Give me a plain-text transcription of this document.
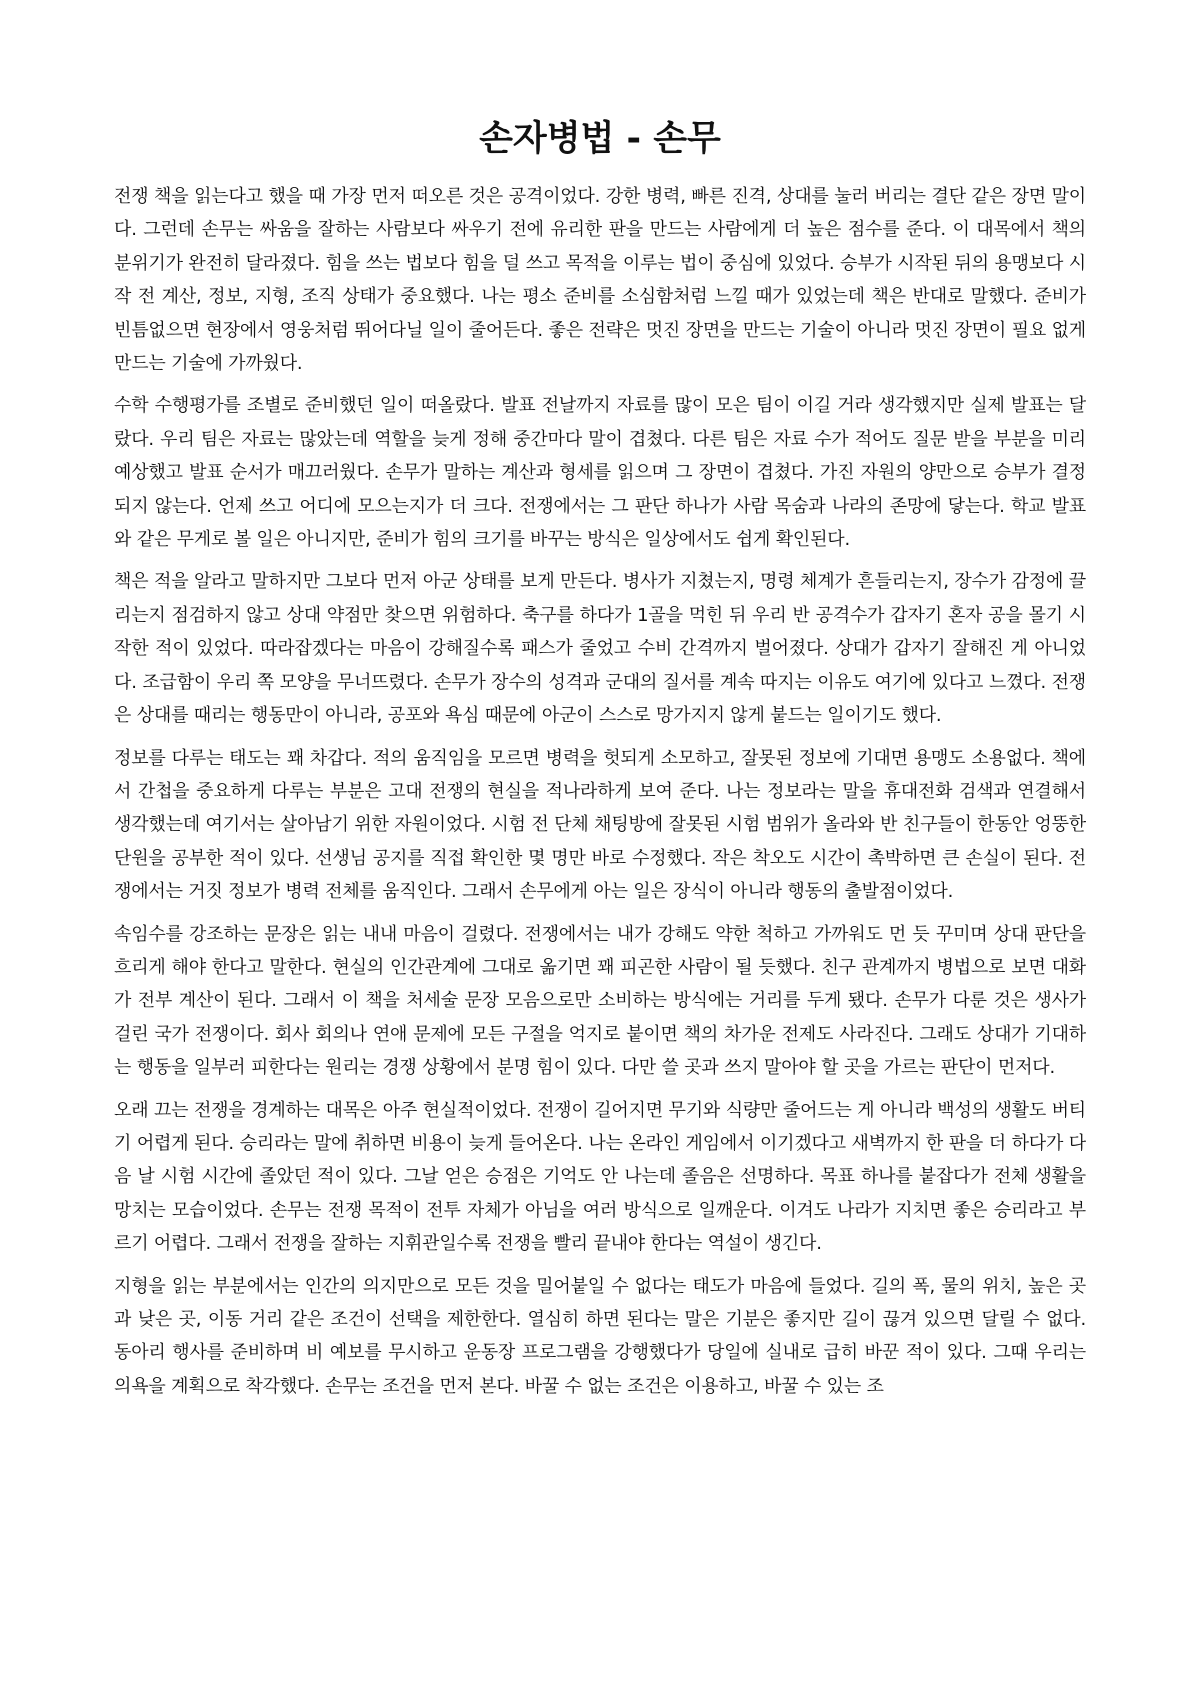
손자병법 - 손무

전쟁 책을 읽는다고 했을 때 가장 먼저 떠오른 것은 공격이었다. 강한 병력, 빠른 진격, 상대를 눌러 버리는 결단 같은 장면 말이다. 그런데 손무는 싸움을 잘하는 사람보다 싸우기 전에 유리한 판을 만드는 사람에게 더 높은 점수를 준다. 이 대목에서 책의 분위기가 완전히 달라졌다. 힘을 쓰는 법보다 힘을 덜 쓰고 목적을 이루는 법이 중심에 있었다. 승부가 시작된 뒤의 용맹보다 시작 전 계산, 정보, 지형, 조직 상태가 중요했다. 나는 평소 준비를 소심함처럼 느낄 때가 있었는데 책은 반대로 말했다. 준비가 빈틈없으면 현장에서 영웅처럼 뛰어다닐 일이 줄어든다. 좋은 전략은 멋진 장면을 만드는 기술이 아니라 멋진 장면이 필요 없게 만드는 기술에 가까웠다.

수학 수행평가를 조별로 준비했던 일이 떠올랐다. 발표 전날까지 자료를 많이 모은 팀이 이길 거라 생각했지만 실제 발표는 달랐다. 우리 팀은 자료는 많았는데 역할을 늦게 정해 중간마다 말이 겹쳤다. 다른 팀은 자료 수가 적어도 질문 받을 부분을 미리 예상했고 발표 순서가 매끄러웠다. 손무가 말하는 계산과 형세를 읽으며 그 장면이 겹쳤다. 가진 자원의 양만으로 승부가 결정되지 않는다. 언제 쓰고 어디에 모으는지가 더 크다. 전쟁에서는 그 판단 하나가 사람 목숨과 나라의 존망에 닿는다. 학교 발표와 같은 무게로 볼 일은 아니지만, 준비가 힘의 크기를 바꾸는 방식은 일상에서도 쉽게 확인된다.

책은 적을 알라고 말하지만 그보다 먼저 아군 상태를 보게 만든다. 병사가 지쳤는지, 명령 체계가 흔들리는지, 장수가 감정에 끌리는지 점검하지 않고 상대 약점만 찾으면 위험하다. 축구를 하다가 1골을 먹힌 뒤 우리 반 공격수가 갑자기 혼자 공을 몰기 시작한 적이 있었다. 따라잡겠다는 마음이 강해질수록 패스가 줄었고 수비 간격까지 벌어졌다. 상대가 갑자기 잘해진 게 아니었다. 조급함이 우리 쪽 모양을 무너뜨렸다. 손무가 장수의 성격과 군대의 질서를 계속 따지는 이유도 여기에 있다고 느꼈다. 전쟁은 상대를 때리는 행동만이 아니라, 공포와 욕심 때문에 아군이 스스로 망가지지 않게 붙드는 일이기도 했다.

정보를 다루는 태도는 꽤 차갑다. 적의 움직임을 모르면 병력을 헛되게 소모하고, 잘못된 정보에 기대면 용맹도 소용없다. 책에서 간첩을 중요하게 다루는 부분은 고대 전쟁의 현실을 적나라하게 보여 준다. 나는 정보라는 말을 휴대전화 검색과 연결해서 생각했는데 여기서는 살아남기 위한 자원이었다. 시험 전 단체 채팅방에 잘못된 시험 범위가 올라와 반 친구들이 한동안 엉뚱한 단원을 공부한 적이 있다. 선생님 공지를 직접 확인한 몇 명만 바로 수정했다. 작은 착오도 시간이 촉박하면 큰 손실이 된다. 전쟁에서는 거짓 정보가 병력 전체를 움직인다. 그래서 손무에게 아는 일은 장식이 아니라 행동의 출발점이었다.

속임수를 강조하는 문장은 읽는 내내 마음이 걸렸다. 전쟁에서는 내가 강해도 약한 척하고 가까워도 먼 듯 꾸미며 상대 판단을 흐리게 해야 한다고 말한다. 현실의 인간관계에 그대로 옮기면 꽤 피곤한 사람이 될 듯했다. 친구 관계까지 병법으로 보면 대화가 전부 계산이 된다. 그래서 이 책을 처세술 문장 모음으로만 소비하는 방식에는 거리를 두게 됐다. 손무가 다룬 것은 생사가 걸린 국가 전쟁이다. 회사 회의나 연애 문제에 모든 구절을 억지로 붙이면 책의 차가운 전제도 사라진다. 그래도 상대가 기대하는 행동을 일부러 피한다는 원리는 경쟁 상황에서 분명 힘이 있다. 다만 쓸 곳과 쓰지 말아야 할 곳을 가르는 판단이 먼저다.

오래 끄는 전쟁을 경계하는 대목은 아주 현실적이었다. 전쟁이 길어지면 무기와 식량만 줄어드는 게 아니라 백성의 생활도 버티기 어렵게 된다. 승리라는 말에 취하면 비용이 늦게 들어온다. 나는 온라인 게임에서 이기겠다고 새벽까지 한 판을 더 하다가 다음 날 시험 시간에 졸았던 적이 있다. 그날 얻은 승점은 기억도 안 나는데 졸음은 선명하다. 목표 하나를 붙잡다가 전체 생활을 망치는 모습이었다. 손무는 전쟁 목적이 전투 자체가 아님을 여러 방식으로 일깨운다. 이겨도 나라가 지치면 좋은 승리라고 부르기 어렵다. 그래서 전쟁을 잘하는 지휘관일수록 전쟁을 빨리 끝내야 한다는 역설이 생긴다.

지형을 읽는 부분에서는 인간의 의지만으로 모든 것을 밀어붙일 수 없다는 태도가 마음에 들었다. 길의 폭, 물의 위치, 높은 곳과 낮은 곳, 이동 거리 같은 조건이 선택을 제한한다. 열심히 하면 된다는 말은 기분은 좋지만 길이 끊겨 있으면 달릴 수 없다. 동아리 행사를 준비하며 비 예보를 무시하고 운동장 프로그램을 강행했다가 당일에 실내로 급히 바꾼 적이 있다. 그때 우리는 의욕을 계획으로 착각했다. 손무는 조건을 먼저 본다. 바꿀 수 없는 조건은 이용하고, 바꿀 수 있는 조
